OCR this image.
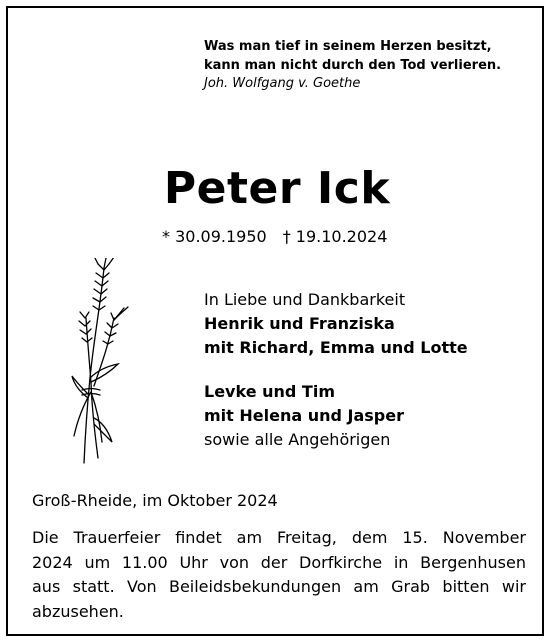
Was man tief in seinem Herzen besitzt,
kann man nicht durch den Tod verlieren.
Joh. Wolfgang v. Goethe
Peter Ick
* 30.09.1950 † 19.10.2024
In Liebe und Dankbarkeit
Henrik und Franziska
mit Richard, Emma und Lotte
Levke und Tim
mit Helena und Jasper
sowie alle Angehörigen
Groß-Rheide, im Oktober 2024
Die Trauerfeier findet am Freitag, dem 15. November
2024 um 11.00 Uhr von der Dorfkirche in Bergenhusen
aus statt. Von Beileidsbekundungen am Grab bitten wir
abzusehen.
